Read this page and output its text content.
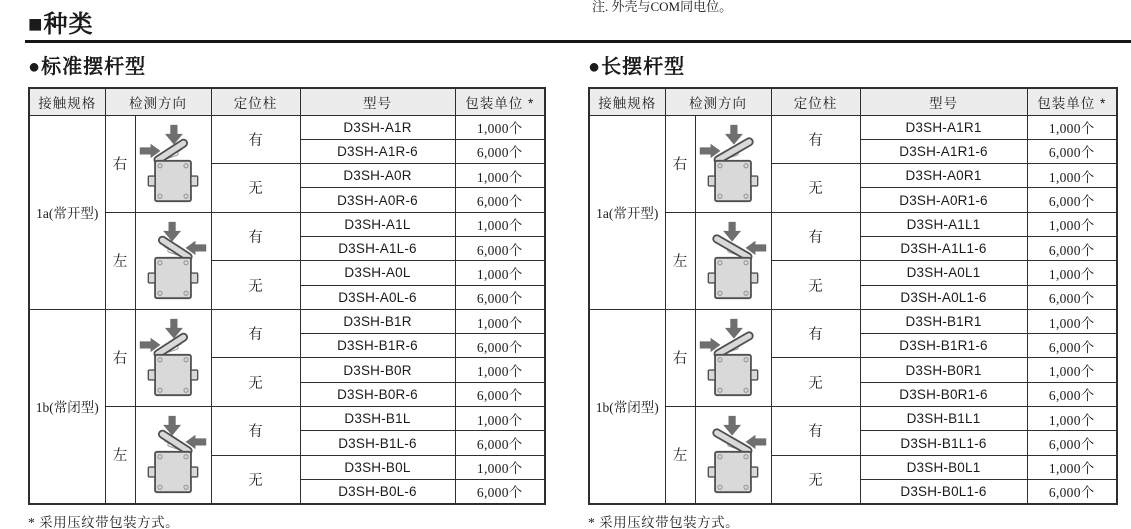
■种类
注. 外壳与COM同电位。
●标准摆杆型
接触规格	检测方向		定位柱	型号	包装单位 *
1a(常开型)	右		有	D3SH-A1R	1,000个
				D3SH-A1R-6	6,000个
			无	D3SH-A0R	1,000个
				D3SH-A0R-6	6,000个
	左		有	D3SH-A1L	1,000个
				D3SH-A1L-6	6,000个
			无	D3SH-A0L	1,000个
				D3SH-A0L-6	6,000个
1b(常闭型)	右		有	D3SH-B1R	1,000个
				D3SH-B1R-6	6,000个
			无	D3SH-B0R	1,000个
				D3SH-B0R-6	6,000个
	左		有	D3SH-B1L	1,000个
				D3SH-B1L-6	6,000个
			无	D3SH-B0L	1,000个
				D3SH-B0L-6	6,000个
* 采用压纹带包装方式。
●长摆杆型
接触规格	检测方向		定位柱	型号	包装单位 *
1a(常开型)	右		有	D3SH-A1R1	1,000个
				D3SH-A1R1-6	6,000个
			无	D3SH-A0R1	1,000个
				D3SH-A0R1-6	6,000个
	左		有	D3SH-A1L1	1,000个
				D3SH-A1L1-6	6,000个
			无	D3SH-A0L1	1,000个
				D3SH-A0L1-6	6,000个
1b(常闭型)	右		有	D3SH-B1R1	1,000个
				D3SH-B1R1-6	6,000个
			无	D3SH-B0R1	1,000个
				D3SH-B0R1-6	6,000个
	左		有	D3SH-B1L1	1,000个
				D3SH-B1L1-6	6,000个
			无	D3SH-B0L1	1,000个
				D3SH-B0L1-6	6,000个
* 采用压纹带包装方式。
